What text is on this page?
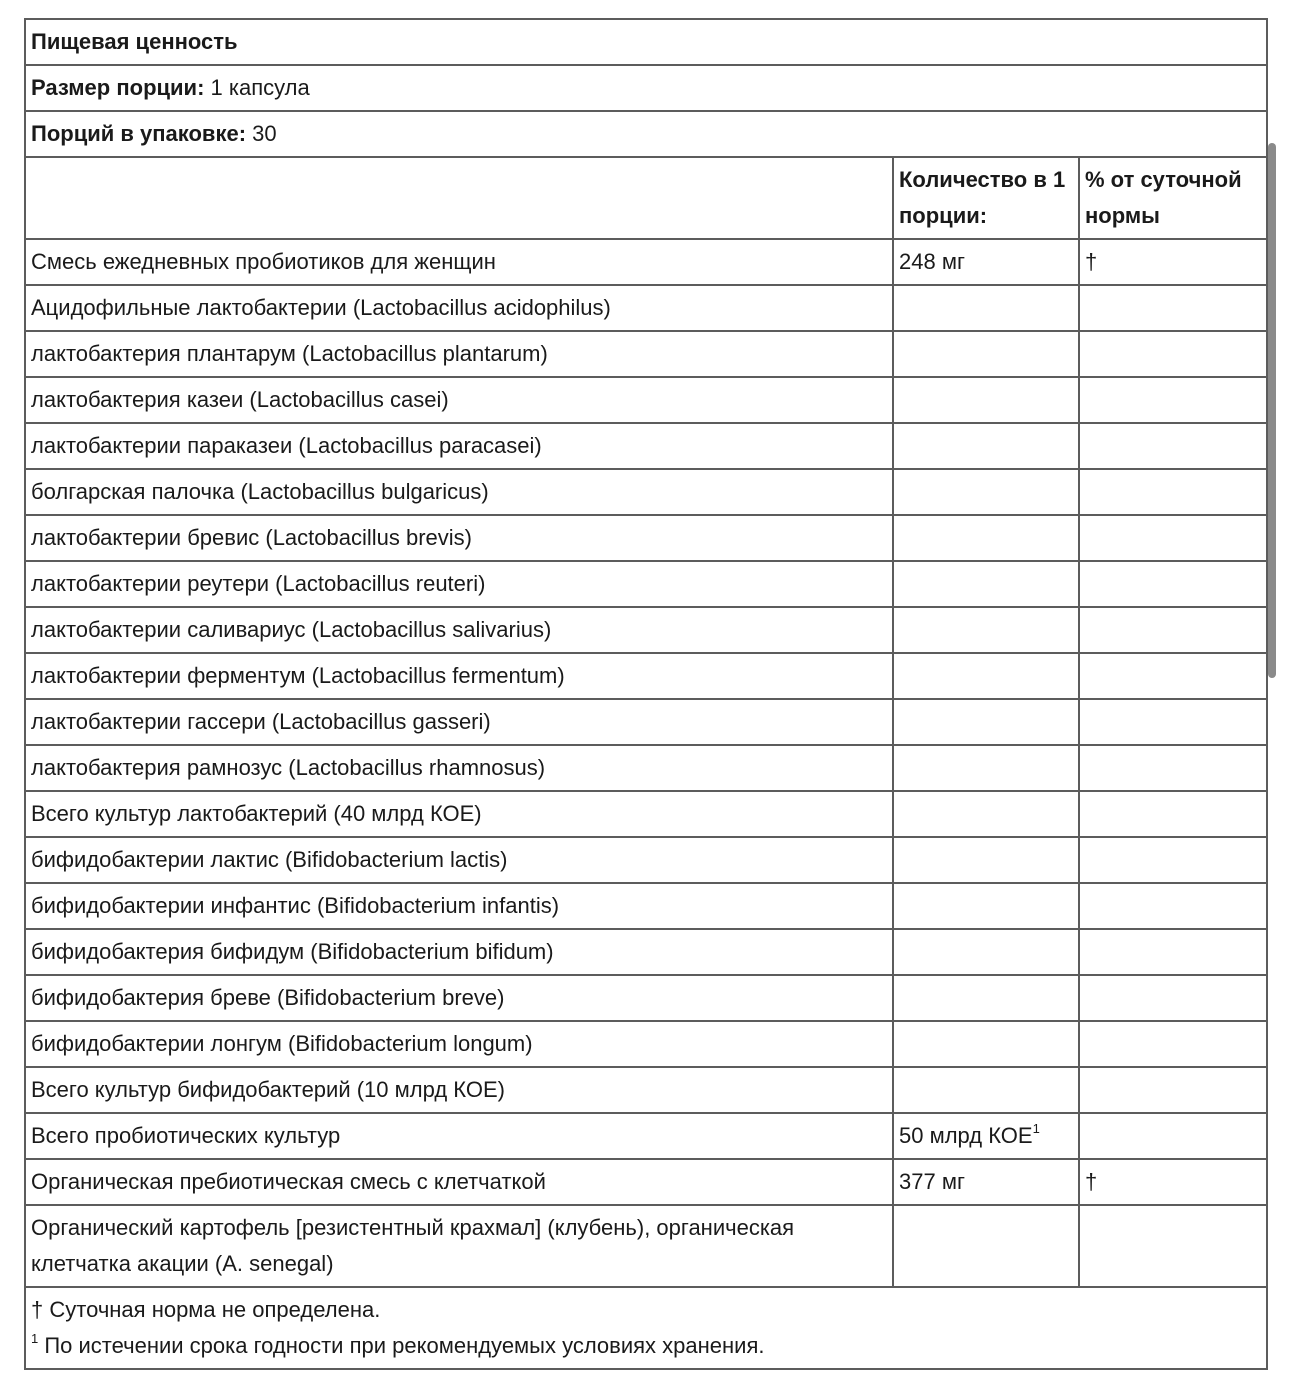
Пищевая ценность		
Размер порции: 1 капсула		
Порций в упаковке: 30		
	Количество в 1 порции:	% от суточной нормы
Смесь ежедневных пробиотиков для женщин	248 мг	†
Ацидофильные лактобактерии (Lactobacillus acidophilus)		
лактобактерия плантарум (Lactobacillus plantarum)		
лактобактерия казеи (Lactobacillus casei)		
лактобактерии параказеи (Lactobacillus paracasei)		
болгарская палочка (Lactobacillus bulgaricus)		
лактобактерии бревис (Lactobacillus brevis)		
лактобактерии реутери (Lactobacillus reuteri)		
лактобактерии саливариус (Lactobacillus salivarius)		
лактобактерии ферментум (Lactobacillus fermentum)		
лактобактерии гассери (Lactobacillus gasseri)		
лактобактерия рамнозус (Lactobacillus rhamnosus)		
Всего культур лактобактерий (40 млрд КОЕ)		
бифидобактерии лактис (Bifidobacterium lactis)		
бифидобактерии инфантис (Bifidobacterium infantis)		
бифидобактерия бифидум (Bifidobacterium bifidum)		
бифидобактерия бреве (Bifidobacterium breve)		
бифидобактерии лонгум (Bifidobacterium longum)		
Всего культур бифидобактерий (10 млрд КОЕ)		
Всего пробиотических культур	50 млрд КОЕ$^1$	
Органическая пребиотическая смесь с клетчаткой	377 мг	†
Органический картофель [резистентный крахмал] (клубень), органическая клетчатка акации (A. senegal)		

† Суточная норма не определена.
$^1$ По истечении срока годности при рекомендуемых условиях хранения.		
